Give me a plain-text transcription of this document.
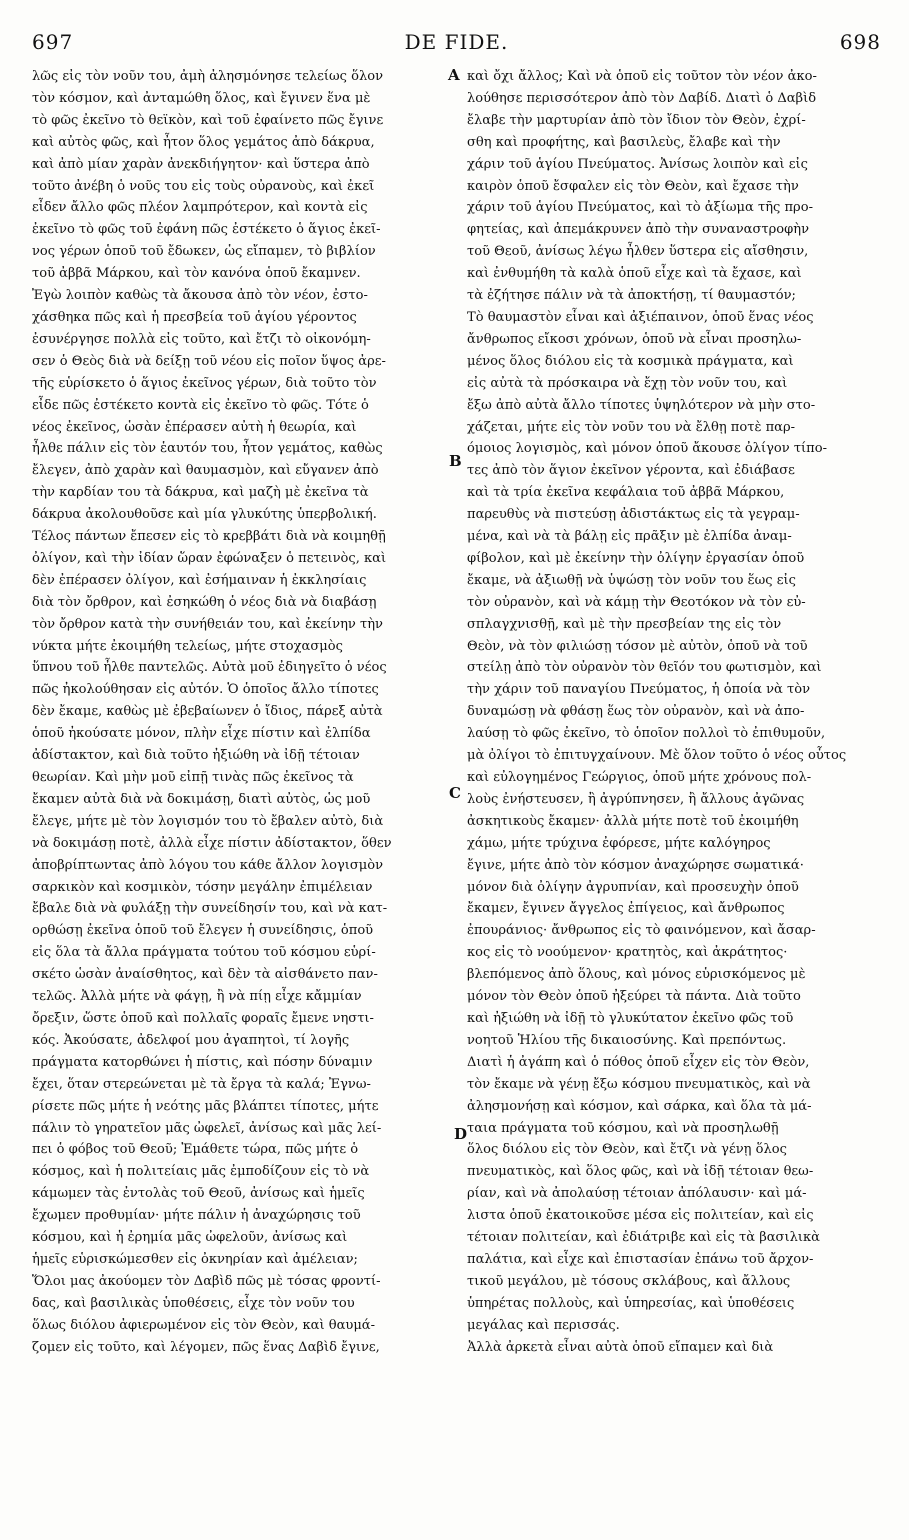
697	DE FIDE.	698
λῶς εἰς τὸν νοῦν του, ἀμὴ ἀλησμόνησε τελείως ὅλον
τὸν κόσμον, καὶ ἀνταμώθη ὅλος, καὶ ἔγινεν ἕνα μὲ
τὸ φῶς ἐκεῖνο τὸ θεϊκὸν, καὶ τοῦ ἐφαίνετο πῶς ἔγινε
καὶ αὐτὸς φῶς, καὶ ἦτον ὅλος γεμάτος ἀπὸ δάκρυα,
καὶ ἀπὸ μίαν χαρὰν ἀνεκδιήγητον· καὶ ὕστερα ἀπὸ
τοῦτο ἀνέβη ὁ νοῦς του εἰς τοὺς οὐρανοὺς, καὶ ἐκεῖ
εἶδεν ἄλλο φῶς πλέον λαμπρότερον, καὶ κοντὰ εἰς
ἐκεῖνο τὸ φῶς τοῦ ἐφάνη πῶς ἐστέκετο ὁ ἅγιος ἐκεῖ-
νος γέρων ὁποῦ τοῦ ἔδωκεν, ὡς εἴπαμεν, τὸ βιβλίον
τοῦ ἀββᾶ Μάρκου, καὶ τὸν κανόνα ὁποῦ ἔκαμνεν.
Ἐγὼ λοιπὸν καθὼς τὰ ἄκουσα ἀπὸ τὸν νέον, ἐστο-
χάσθηκα πῶς καὶ ἡ πρεσβεία τοῦ ἁγίου γέροντος
ἐσυνέργησε πολλὰ εἰς τοῦτο, καὶ ἔτζι τὸ οἰκονόμη-
σεν ὁ Θεὸς διὰ νὰ δείξῃ τοῦ νέου εἰς ποῖον ὕψος ἀρε-
τῆς εὑρίσκετο ὁ ἅγιος ἐκεῖνος γέρων, διὰ τοῦτο τὸν
εἶδε πῶς ἐστέκετο κοντὰ εἰς ἐκεῖνο τὸ φῶς. Τότε ὁ
νέος ἐκεῖνος, ὡσὰν ἐπέρασεν αὐτὴ ἡ θεωρία, καὶ
ἦλθε πάλιν εἰς τὸν ἑαυτόν του, ἦτον γεμάτος, καθὼς
ἔλεγεν, ἀπὸ χαρὰν καὶ θαυμασμὸν, καὶ εὔγανεν ἀπὸ
τὴν καρδίαν του τὰ δάκρυα, καὶ μαζὴ μὲ ἐκεῖνα τὰ
δάκρυα ἀκολουθοῦσε καὶ μία γλυκύτης ὑπερβολική.
Τέλος πάντων ἔπεσεν εἰς τὸ κρεββάτι διὰ νὰ κοιμηθῇ
ὀλίγον, καὶ τὴν ἰδίαν ὥραν ἐφώναξεν ὁ πετεινὸς, καὶ
δὲν ἐπέρασεν ὀλίγον, καὶ ἐσήμαιναν ἡ ἐκκλησίαις
διὰ τὸν ὄρθρον, καὶ ἐσηκώθη ὁ νέος διὰ νὰ διαβάσῃ
τὸν ὄρθρον κατὰ τὴν συνήθειάν του, καὶ ἐκείνην τὴν
νύκτα μήτε ἐκοιμήθη τελείως, μήτε στοχασμὸς
ὕπνου τοῦ ἦλθε παντελῶς. Αὐτὰ μοῦ ἐδιηγεῖτο ὁ νέος
πῶς ἠκολούθησαν εἰς αὐτόν. Ὁ ὁποῖος ἄλλο τίποτες
δὲν ἔκαμε, καθὼς μὲ ἐβεβαίωνεν ὁ ἴδιος, πάρεξ αὐτὰ
ὁποῦ ἠκούσατε μόνον, πλὴν εἶχε πίστιν καὶ ἐλπίδα
ἀδίστακτον, καὶ διὰ τοῦτο ἠξιώθη νὰ ἰδῇ τέτοιαν
θεωρίαν. Καὶ μὴν μοῦ εἰπῇ τινὰς πῶς ἐκεῖνος τὰ
ἔκαμεν αὐτὰ διὰ νὰ δοκιμάσῃ, διατὶ αὐτὸς, ὡς μοῦ
ἔλεγε, μήτε μὲ τὸν λογισμόν του τὸ ἔβαλεν αὐτὸ, διὰ
νὰ δοκιμάσῃ ποτὲ, ἀλλὰ εἶχε πίστιν ἀδίστακτον, ὅθεν
ἀποβρίπτωντας ἀπὸ λόγου του κάθε ἄλλον λογισμὸν
σαρκικὸν καὶ κοσμικὸν, τόσην μεγάλην ἐπιμέλειαν
ἔβαλε διὰ νὰ φυλάξῃ τὴν συνείδησίν του, καὶ νὰ κατ-
ορθώσῃ ἐκεῖνα ὁποῦ τοῦ ἔλεγεν ἡ συνείδησις, ὁποῦ
εἰς ὅλα τὰ ἄλλα πράγματα τούτου τοῦ κόσμου εὑρί-
σκέτο ὡσὰν ἀναίσθητος, καὶ δὲν τὰ αἰσθάνετο παν-
τελῶς. Ἀλλὰ μήτε νὰ φάγῃ, ἢ νὰ πίῃ εἶχε κἄμμίαν
ὄρεξιν, ὥστε ὁποῦ καὶ πολλαῖς φοραῖς ἔμενε νηστι-
κός. Ἀκούσατε, ἀδελφοί μου ἀγαπητοὶ, τί λογῆς
πράγματα κατορθώνει ἡ πίστις, καὶ πόσην δύναμιν
ἔχει, ὅταν στερεώνεται μὲ τὰ ἔργα τὰ καλά; Ἐγνω-
ρίσετε πῶς μήτε ἡ νεότης μᾶς βλάπτει τίποτες, μήτε
πάλιν τὸ γηρατεῖον μᾶς ὠφελεῖ, ἀνίσως καὶ μᾶς λεί-
πει ὁ φόβος τοῦ Θεοῦ; Ἐμάθετε τώρα, πῶς μήτε ὁ
κόσμος, καὶ ἡ πολιτείαις μᾶς ἐμποδίζουν εἰς τὸ νὰ
κάμωμεν τὰς ἐντολὰς τοῦ Θεοῦ, ἀνίσως καὶ ἡμεῖς
ἔχωμεν προθυμίαν· μήτε πάλιν ἡ ἀναχώρησις τοῦ
κόσμου, καὶ ἡ ἐρημία μᾶς ὠφελοῦν, ἀνίσως καὶ
ἡμεῖς εὑρισκώμεσθεν εἰς ὀκνηρίαν καὶ ἀμέλειαν;
Ὅλοι μας ἀκούομεν τὸν Δαβὶδ πῶς μὲ τόσας φροντί-
δας, καὶ βασιλικὰς ὑποθέσεις, εἶχε τὸν νοῦν του
ὅλως διόλου ἀφιερωμένον εἰς τὸν Θεὸν, καὶ θαυμά-
ζομεν εἰς τοῦτο, καὶ λέγομεν, πῶς ἕνας Δαβὶδ ἔγινε,
καὶ ὄχι ἄλλος; Καὶ νὰ ὁποῦ εἰς τοῦτον τὸν νέον ἀκο-
λούθησε περισσότερον ἀπὸ τὸν Δαβίδ. Διατὶ ὁ Δαβὶδ
ἔλαβε τὴν μαρτυρίαν ἀπὸ τὸν ἴδιον τὸν Θεὸν, ἐχρί-
σθη καὶ προφήτης, καὶ βασιλεὺς, ἔλαβε καὶ τὴν
χάριν τοῦ ἁγίου Πνεύματος. Ἀνίσως λοιπὸν καὶ εἰς
καιρὸν ὁποῦ ἔσφαλεν εἰς τὸν Θεὸν, καὶ ἔχασε τὴν
χάριν τοῦ ἁγίου Πνεύματος, καὶ τὸ ἀξίωμα τῆς προ-
φητείας, καὶ ἀπεμάκρυνεν ἀπὸ τὴν συναναστροφὴν
τοῦ Θεοῦ, ἀνίσως λέγω ἦλθεν ὕστερα εἰς αἴσθησιν,
καὶ ἐνθυμήθη τὰ καλὰ ὁποῦ εἶχε καὶ τὰ ἔχασε, καὶ
τὰ ἐζήτησε πάλιν νὰ τὰ ἀποκτήσῃ, τί θαυμαστόν;
Τὸ θαυμαστὸν εἶναι καὶ ἀξιέπαινον, ὁποῦ ἕνας νέος
ἄνθρωπος εἴκοσι χρόνων, ὁποῦ νὰ εἶναι προσηλω-
μένος ὅλος διόλου εἰς τὰ κοσμικὰ πράγματα, καὶ
εἰς αὐτὰ τὰ πρόσκαιρα νὰ ἔχῃ τὸν νοῦν του, καὶ
ἔξω ἀπὸ αὐτὰ ἄλλο τίποτες ὑψηλότερον νὰ μὴν στο-
χάζεται, μήτε εἰς τὸν νοῦν του νὰ ἔλθῃ ποτὲ παρ-
όμοιος λογισμὸς, καὶ μόνον ὁποῦ ἄκουσε ὀλίγον τίπο-
τες ἀπὸ τὸν ἅγιον ἐκεῖνον γέροντα, καὶ ἐδιάβασε
καὶ τὰ τρία ἐκεῖνα κεφάλαια τοῦ ἀββᾶ Μάρκου,
παρευθὺς νὰ πιστεύσῃ ἀδιστάκτως εἰς τὰ γεγραμ-
μένα, καὶ νὰ τὰ βάλῃ εἰς πρᾶξιν μὲ ἐλπίδα ἀναμ-
φίβολον, καὶ μὲ ἐκείνην τὴν ὀλίγην ἐργασίαν ὁποῦ
ἔκαμε, νὰ ἀξιωθῇ νὰ ὑψώσῃ τὸν νοῦν του ἕως εἰς
τὸν οὐρανὸν, καὶ νὰ κάμῃ τὴν Θεοτόκον νὰ τὸν εὐ-
σπλαγχνισθῇ, καὶ μὲ τὴν πρεσβείαν της εἰς τὸν
Θεὸν, νὰ τὸν φιλιώσῃ τόσον μὲ αὐτὸν, ὁποῦ νὰ τοῦ
στείλῃ ἀπὸ τὸν οὐρανὸν τὸν θεῖόν του φωτισμὸν, καὶ
τὴν χάριν τοῦ παναγίου Πνεύματος, ἡ ὁποία νὰ τὸν
δυναμώσῃ νὰ φθάσῃ ἕως τὸν οὐρανὸν, καὶ νὰ ἀπο-
λαύσῃ τὸ φῶς ἐκεῖνο, τὸ ὁποῖον πολλοὶ τὸ ἐπιθυμοῦν,
μὰ ὀλίγοι τὸ ἐπιτυγχαίνουν. Μὲ ὅλον τοῦτο ὁ νέος οὗτος
καὶ εὐλογημένος Γεώργιος, ὁποῦ μήτε χρόνους πολ-
λοὺς ἐνήστευσεν, ἢ ἀγρύπνησεν, ἢ ἄλλους ἀγῶνας
ἀσκητικοὺς ἔκαμεν· ἀλλὰ μήτε ποτὲ τοῦ ἐκοιμήθη
χάμω, μήτε τρύχινα ἐφόρεσε, μήτε καλόγηρος
ἔγινε, μήτε ἀπὸ τὸν κόσμον ἀναχώρησε σωματικά·
μόνον διὰ ὀλίγην ἀγρυπνίαν, καὶ προσευχὴν ὁποῦ
ἔκαμεν, ἔγινεν ἄγγελος ἐπίγειος, καὶ ἄνθρωπος
ἐπουράνιος· ἄνθρωπος εἰς τὸ φαινόμενον, καὶ ἄσαρ-
κος εἰς τὸ νοούμενον· κρατητὸς, καὶ ἀκράτητος·
βλεπόμενος ἀπὸ ὅλους, καὶ μόνος εὑρισκόμενος μὲ
μόνον τὸν Θεὸν ὁποῦ ἠξεύρει τὰ πάντα. Διὰ τοῦτο
καὶ ἠξιώθη νὰ ἰδῇ τὸ γλυκύτατον ἐκεῖνο φῶς τοῦ
νοητοῦ Ἡλίου τῆς δικαιοσύνης. Καὶ πρεπόντως.
Διατὶ ἡ ἀγάπη καὶ ὁ πόθος ὁποῦ εἶχεν εἰς τὸν Θεὸν,
τὸν ἔκαμε νὰ γένῃ ἔξω κόσμου πνευματικὸς, καὶ νὰ
ἀλησμονήσῃ καὶ κόσμον, καὶ σάρκα, καὶ ὅλα τὰ μά-
ταια πράγματα τοῦ κόσμου, καὶ νὰ προσηλωθῇ
ὅλος διόλου εἰς τὸν Θεὸν, καὶ ἔτζι νὰ γένῃ ὅλος
πνευματικὸς, καὶ ὅλος φῶς, καὶ νὰ ἰδῇ τέτοιαν θεω-
ρίαν, καὶ νὰ ἀπολαύσῃ τέτοιαν ἀπόλαυσιν· καὶ μά-
λιστα ὁποῦ ἐκατοικοῦσε μέσα εἰς πολιτείαν, καὶ εἰς
τέτοιαν πολιτείαν, καὶ ἐδιάτριβε καὶ εἰς τὰ βασιλικὰ
παλάτια, καὶ εἶχε καὶ ἐπιστασίαν ἐπάνω τοῦ ἄρχον-
τικοῦ μεγάλου, μὲ τόσους σκλάβους, καὶ ἄλλους
ὑπηρέτας πολλοὺς, καὶ ὑπηρεσίας, καὶ ὑποθέσεις
μεγάλας καὶ περισσάς.
Ἀλλὰ ἀρκετὰ εἶναι αὐτὰ ὁποῦ εἴπαμεν καὶ διὰ
A
B
C
D
